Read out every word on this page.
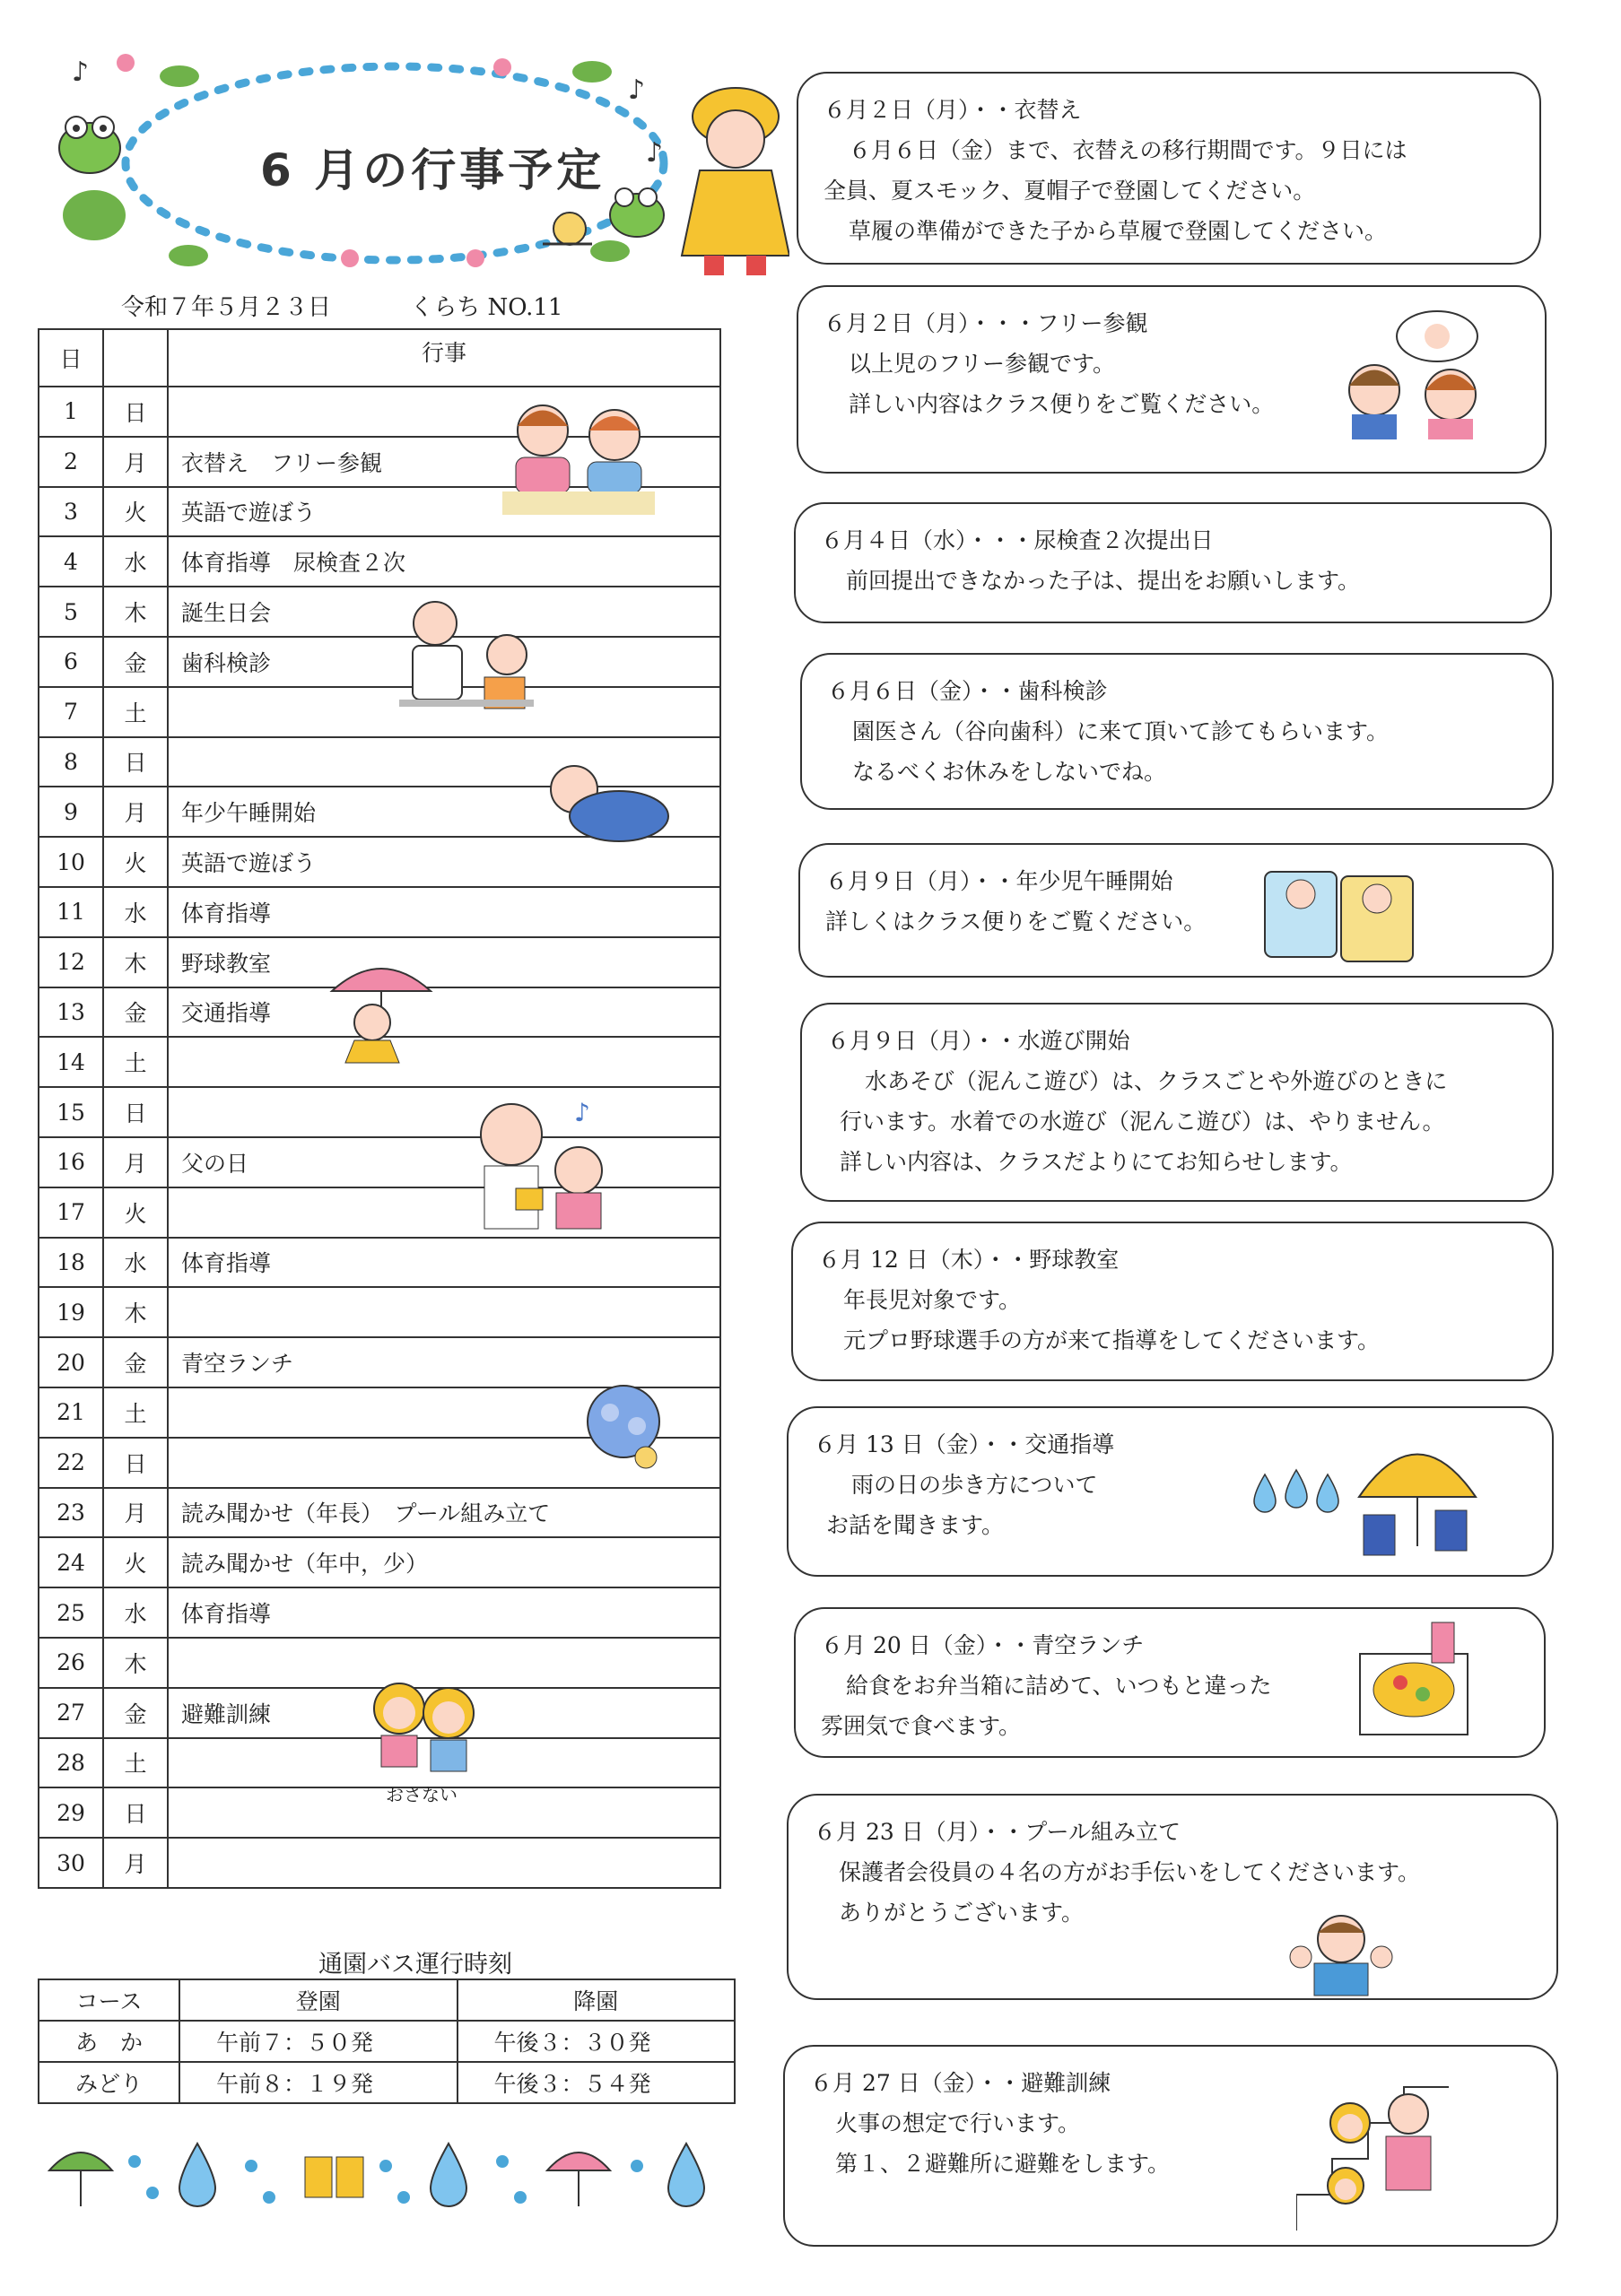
♪
♪
♪
6 月の行事予定
令和７年５月２３日	くらち NO.11
日		行事
1	日	
2	月	衣替え　フリー参観
3	火	英語で遊ぼう
4	水	体育指導　尿検査２次
5	木	誕生日会
6	金	歯科検診
7	土	
8	日	
9	月	年少午睡開始
10	火	英語で遊ぼう
11	水	体育指導
12	木	野球教室
13	金	交通指導
14	土	
15	日	
16	月	父の日
17	火	
18	水	体育指導
19	木	
20	金	青空ランチ
21	土	
22	日	
23	月	読み聞かせ（年長）　プール組み立て
24	火	読み聞かせ（年中，少）
25	水	体育指導
26	木	
27	金	避難訓練
28	土	
29	日	
30	月	
♪
おさない
通園バス運行時刻
コース	登園	降園
あ　か	午前７：５０発	午後３：３０発
みどり	午前８：１９発	午後３：５４発
６月２日（月）・・衣替え
６月６日（金）まで、衣替えの移行期間です。９日には
全員、夏スモック、夏帽子で登園してください。
草履の準備ができた子から草履で登園してください。
６月２日（月）・・・フリー参観
以上児のフリー参観です。
詳しい内容はクラス便りをご覧ください。
６月４日（水）・・・尿検査２次提出日
前回提出できなかった子は、提出をお願いします。
６月６日（金）・・歯科検診
園医さん（谷向歯科）に来て頂いて診てもらいます。
なるべくお休みをしないでね。
６月９日（月）・・年少児午睡開始
詳しくはクラス便りをご覧ください。
６月９日（月）・・水遊び開始
水あそび（泥んこ遊び）は、クラスごとや外遊びのときに
行います。水着での水遊び（泥んこ遊び）は、やりません。
詳しい内容は、クラスだよりにてお知らせします。
６月 12 日（木）・・野球教室
年長児対象です。
元プロ野球選手の方が来て指導をしてくださいます。
６月 13 日（金）・・交通指導
雨の日の歩き方について
お話を聞きます。
６月 20 日（金）・・青空ランチ
給食をお弁当箱に詰めて、いつもと違った
雰囲気で食べます。
６月 23 日（月）・・プール組み立て
保護者会役員の４名の方がお手伝いをしてくださいます。
ありがとうございます。
６月 27 日（金）・・避難訓練
火事の想定で行います。
第１、２避難所に避難をします。
